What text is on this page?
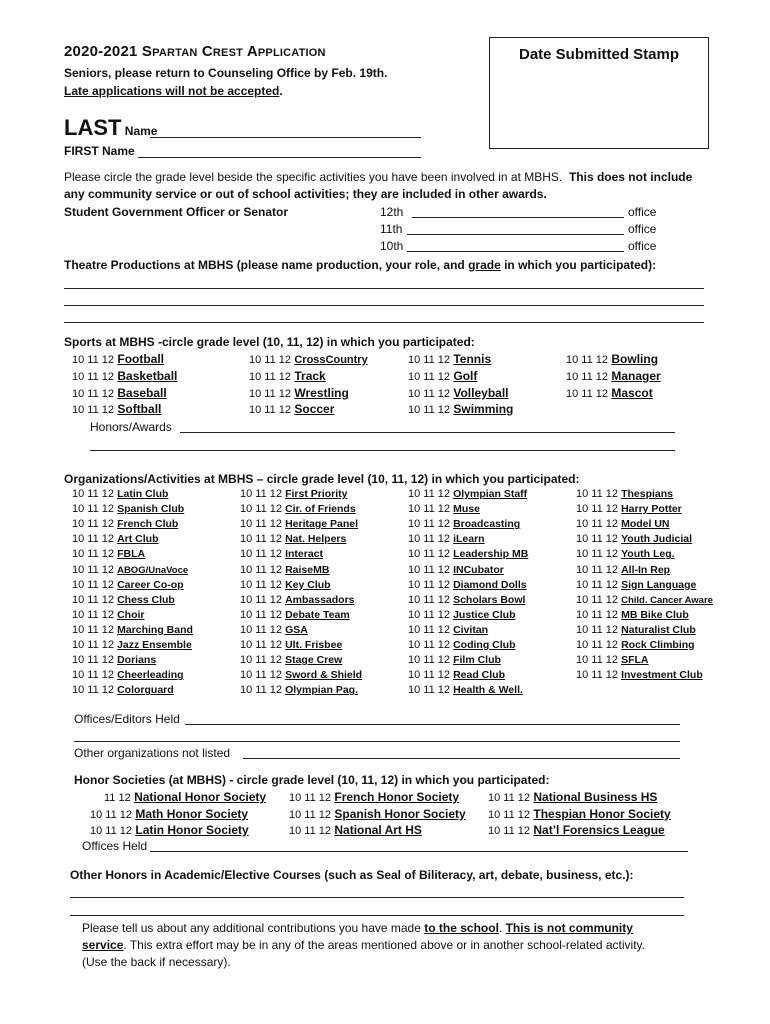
2020-2021 Spartan Crest Application
Seniors, please return to Counseling Office by Feb. 19th.
Late applications will not be accepted.
Date Submitted Stamp
LAST Name
FIRST Name
Please circle the grade level beside the specific activities you have been involved in at MBHS. This does not include any community service or out of school activities; they are included in other awards.
Student Government Officer or Senator	12th	office
11th	office
10th	office
Theatre Productions at MBHS (please name production, your role, and grade in which you participated):
Sports at MBHS -circle grade level (10, 11, 12) in which you participated:
10 11 12 Football
10 11 12 Basketball
10 11 12 Baseball
10 11 12 Softball
10 11 12 CrossCountry
10 11 12 Track
10 11 12 Wrestling
10 11 12 Soccer
10 11 12 Tennis
10 11 12 Golf
10 11 12 Volleyball
10 11 12 Swimming
10 11 12 Bowling
10 11 12 Manager
10 11 12 Mascot
Honors/Awards
Organizations/Activities at MBHS – circle grade level (10, 11, 12) in which you participated:
10 11 12 Latin Club
10 11 12 Spanish Club
10 11 12 French Club
10 11 12 Art Club
10 11 12 FBLA
10 11 12 ABOG/UnaVoce
10 11 12 Career Co-op
10 11 12 Chess Club
10 11 12 Choir
10 11 12 Marching Band
10 11 12 Jazz Ensemble
10 11 12 Dorians
10 11 12 Cheerleading
10 11 12 Colorguard
10 11 12 First Priority
10 11 12 Cir. of Friends
10 11 12 Heritage Panel
10 11 12 Nat. Helpers
10 11 12 Interact
10 11 12 RaiseMB
10 11 12 Key Club
10 11 12 Ambassadors
10 11 12 Debate Team
10 11 12 GSA
10 11 12 Ult. Frisbee
10 11 12 Stage Crew
10 11 12 Sword & Shield
10 11 12 Olympian Pag.
10 11 12 Olympian Staff
10 11 12 Muse
10 11 12 Broadcasting
10 11 12 iLearn
10 11 12 Leadership MB
10 11 12 INCubator
10 11 12 Diamond Dolls
10 11 12 Scholars Bowl
10 11 12 Justice Club
10 11 12 Civitan
10 11 12 Coding Club
10 11 12 Film Club
10 11 12 Read Club
10 11 12 Health & Well.
10 11 12 Thespians
10 11 12 Harry Potter
10 11 12 Model UN
10 11 12 Youth Judicial
10 11 12 Youth Leg.
10 11 12 All-In Rep
10 11 12 Sign Language
10 11 12 Child. Cancer Aware
10 11 12 MB Bike Club
10 11 12 Naturalist Club
10 11 12 Rock Climbing
10 11 12 SFLA
10 11 12 Investment Club
Offices/Editors Held
Other organizations not listed
Honor Societies (at MBHS) - circle grade level (10, 11, 12) in which you participated:
11 12 National Honor Society 10 11 12 French Honor Society	10 11 12 National Business HS
10 11 12 Math Honor Society	10 11 12 Spanish Honor Society 10 11 12 Thespian Honor Society
10 11 12 Latin Honor Society	10 11 12 National Art HS	10 11 12 Nat’l Forensics League
Offices Held
Other Honors in Academic/Elective Courses (such as Seal of Biliteracy, art, debate, business, etc.):
Please tell us about any additional contributions you have made to the school. This is not community
service. This extra effort may be in any of the areas mentioned above or in another school-related activity.
(Use the back if necessary).
